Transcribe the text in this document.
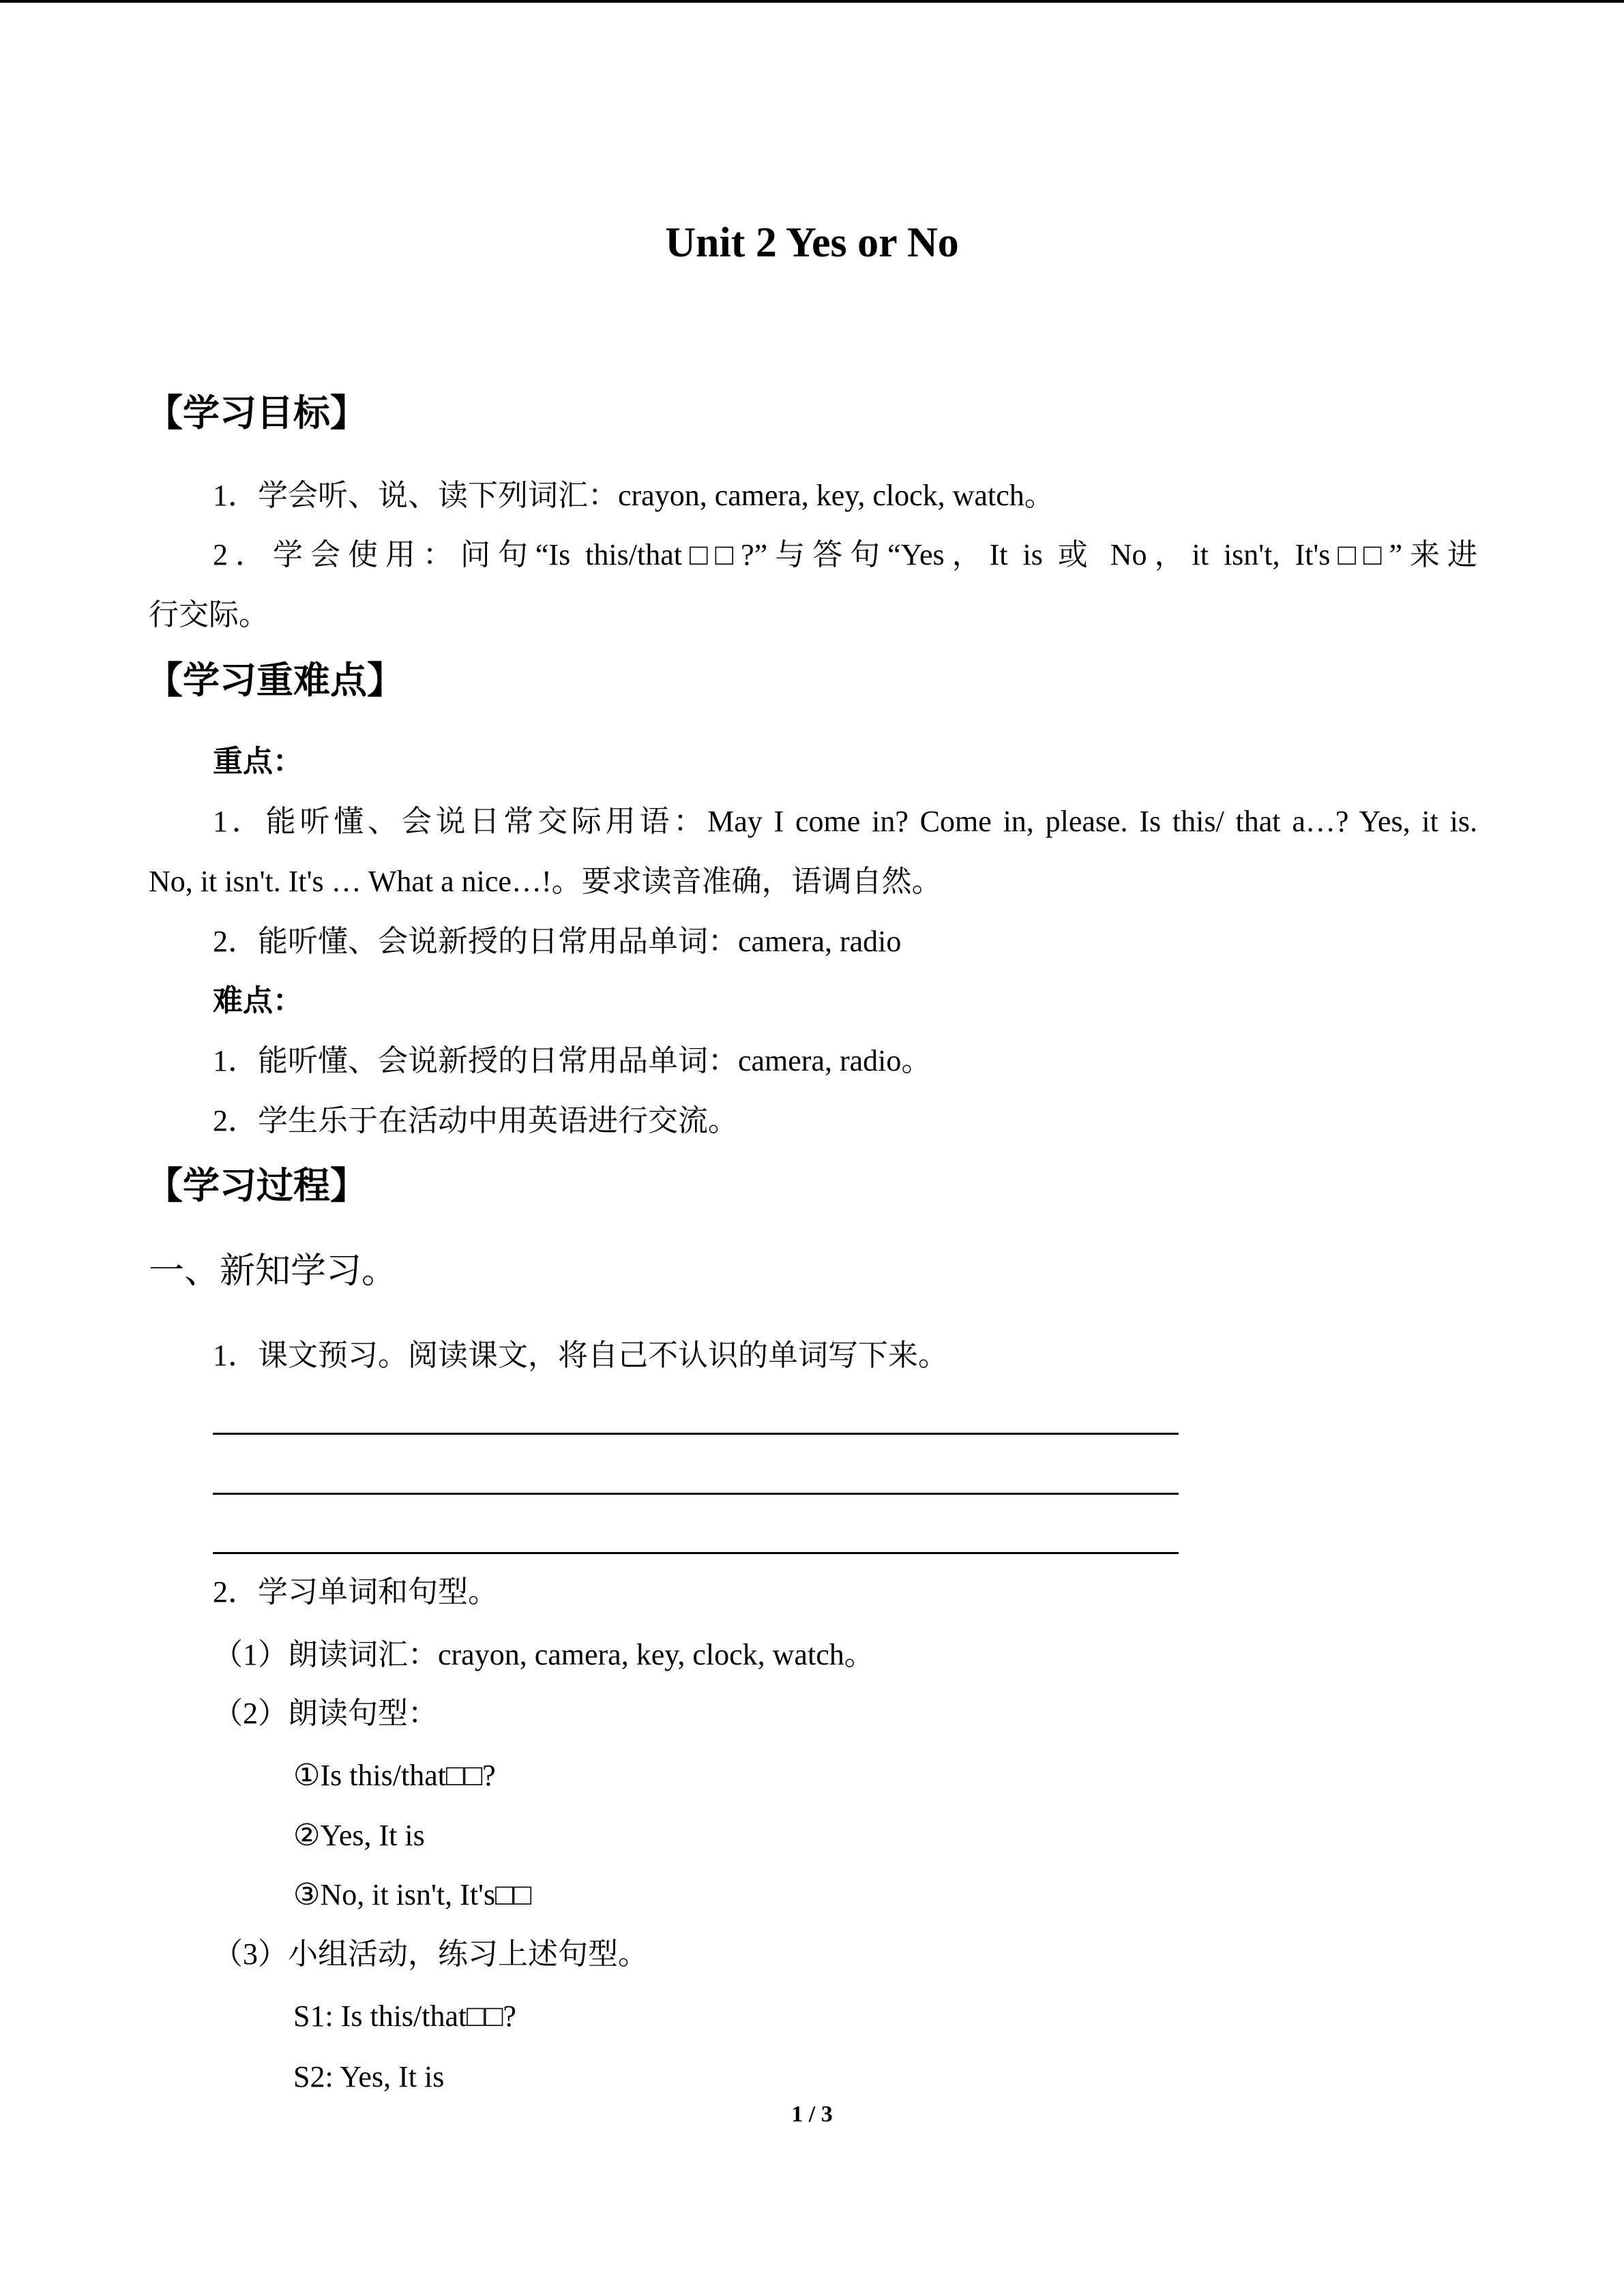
Unit 2 Yes or No
【学习目标】
1．学会听、说、读下列词汇：crayon, camera, key, clock, watch。
2．学会使用：问句“Is this/that□□?”与答句“Yes，It is 或 No，it isn't, It's□□”来进
行交际。
【学习重难点】
重点：
1．能听懂、会说日常交际用语：May I come in? Come in, please. Is this/ that a…? Yes, it is.
No, it isn't. It's … What a nice…!。要求读音准确，语调自然。
2．能听懂、会说新授的日常用品单词：camera, radio
难点：
1．能听懂、会说新授的日常用品单词：camera, radio。
2．学生乐于在活动中用英语进行交流。
【学习过程】
一、新知学习。
1．课文预习。阅读课文，将自己不认识的单词写下来。
2．学习单词和句型。
（1）朗读词汇：crayon, camera, key, clock, watch。
（2）朗读句型：
①Is this/that□□?
②Yes, It is
③No, it isn't, It's□□
（3）小组活动，练习上述句型。
S1: Is this/that□□?
S2: Yes, It is
1 / 3
